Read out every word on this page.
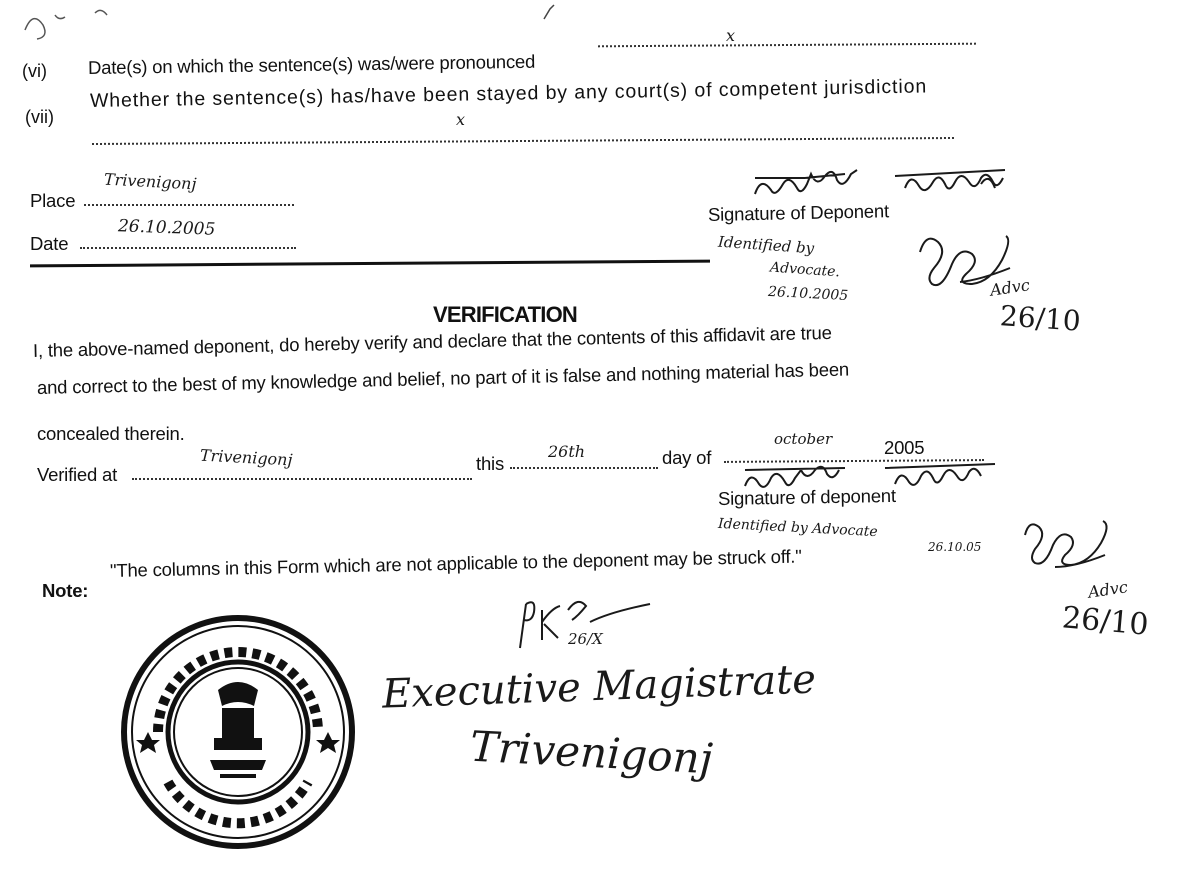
(vi) Date(s) on which the sentence(s) was/were pronounced
x
(vii)
Whether the sentence(s) has/have been stayed by any court(s) of competent jurisdiction
x
Place
Trivenigonj
Date
26.10.2005
Signature of Deponent
Identified by
Advocate.
26.10.2005	Advc
26/10
VERIFICATION
I, the above-named deponent, do hereby verify and declare that the contents of this affidavit are true
and correct to the best of my knowledge and belief, no part of it is false and nothing material has been
concealed therein.
Verified at
Trivenigonj	this
26th	day of
october	2005
Signature of deponent
Identified by Advocate
26.10.05
Advc
26/10
Note:
"The columns in this Form which are not applicable to the deponent may be struck off."
26/X
Executive Magistrate
Trivenigonj
